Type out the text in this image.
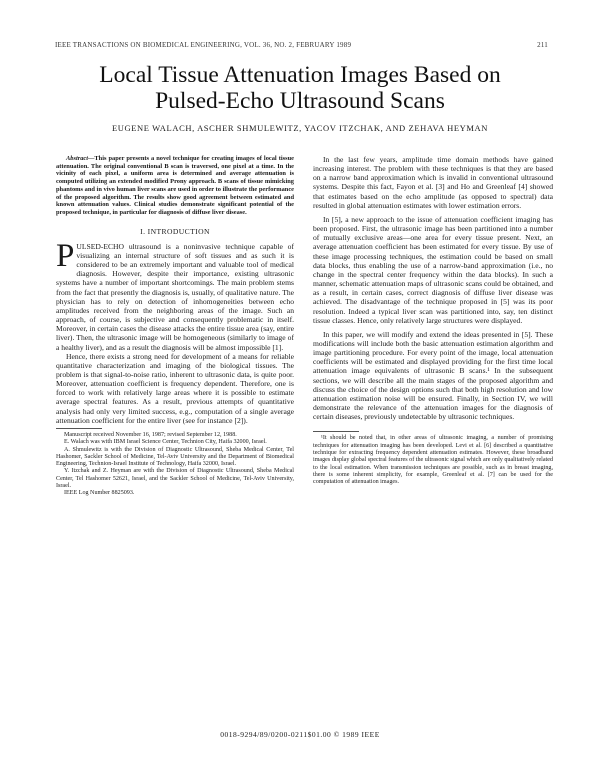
IEEE TRANSACTIONS ON BIOMEDICAL ENGINEERING, VOL. 36, NO. 2, FEBRUARY 1989	211
Local Tissue Attenuation Images Based on
Pulsed-Echo Ultrasound Scans
EUGENE WALACH, ASCHER SHMULEWITZ, YACOV ITZCHAK, AND ZEHAVA HEYMAN

Abstract—This paper presents a novel technique for creating images of local tissue attenuation. The original conventional B scan is traversed, one pixel at a time. In the vicinity of each pixel, a uniform area is determined and average attenuation is computed utilizing an extended modified Prony approach. B scans of tissue mimicking phantoms and in vivo human liver scans are used in order to illustrate the performance of the proposed algorithm. The results show good agreement between estimated and known attenuation values. Clinical studies demonstrate significant potential of the proposed technique, in particular for diagnosis of diffuse liver disease.

I. INTRODUCTION

PULSED-ECHO ultrasound is a noninvasive technique capable of visualizing an internal structure of soft tissues and as such it is considered to be an extremely important and valuable tool of medical diagnosis. However, despite their importance, existing ultrasonic systems have a number of important shortcomings. The main problem stems from the fact that presently the diagnosis is, usually, of qualitative nature. The physician has to rely on detection of inhomogeneities between echo amplitudes received from the neighboring areas of the image. Such an approach, of course, is subjective and consequently problematic in itself. Moreover, in certain cases the disease attacks the entire tissue area (say, entire liver). Then, the ultrasonic image will be homogeneous (similarly to image of a healthy liver), and as a result the diagnosis will be almost impossible [1].

Hence, there exists a strong need for development of a means for reliable quantitative characterization and imaging of the biological tissues. The problem is that signal-to-noise ratio, inherent to ultrasonic data, is quite poor. Moreover, attenuation coefficient is frequency dependent. Therefore, one is forced to work with relatively large areas where it is possible to estimate average spectral features. As a result, previous attempts of quantitative analysis had only very limited success, e.g., computation of a single average attenuation coefficient for the entire liver (see for instance [2]).

Manuscript received November 16, 1987; revised September 12, 1988.

E. Walach was with IBM Israel Science Center, Technion City, Haifa 32000, Israel.

A. Shmulewitz is with the Division of Diagnostic Ultrasound, Sheba Medical Center, Tel Hashomer, Sackler School of Medicine, Tel-Aviv University and the Department of Biomedical Engineering, Technion-Israel Institute of Technology, Haifa 32000, Israel.

Y. Itzchak and Z. Heyman are with the Division of Diagnostic Ultrasound, Sheba Medical Center, Tel Hashomer 52621, Israel, and the Sackler School of Medicine, Tel-Aviv University, Israel.

IEEE Log Number 8825093.

In the last few years, amplitude time domain methods have gained increasing interest. The problem with these techniques is that they are based on a narrow band approximation which is invalid in conventional ultrasound systems. Despite this fact, Fayon et al. [3] and Ho and Greenleaf [4] showed that estimates based on the echo amplitude (as opposed to spectral) data resulted in global attenuation estimates with lower estimation errors.

In [5], a new approach to the issue of attenuation coefficient imaging has been proposed. First, the ultrasonic image has been partitioned into a number of mutually exclusive areas—one area for every tissue present. Next, an average attenuation coefficient has been estimated for every tissue. By use of these image processing techniques, the estimation could be based on small data blocks, thus enabling the use of a narrow-band approximation (i.e., no change in the spectral center frequency within the data blocks). In such a manner, schematic attenuation maps of ultrasonic scans could be obtained, and as a result, in certain cases, correct diagnosis of diffuse liver disease was achieved. The disadvantage of the technique proposed in [5] was its poor resolution. Indeed a typical liver scan was partitioned into, say, ten distinct tissue classes. Hence, only relatively large structures were displayed.

In this paper, we will modify and extend the ideas presented in [5]. These modifications will include both the basic attenuation estimation algorithm and image partitioning procedure. For every point of the image, local attenuation coefficients will be estimated and displayed providing for the first time local attenuation image equivalents of ultrasonic B scans.¹ In the subsequent sections, we will describe all the main stages of the proposed algorithm and discuss the choice of the design options such that both high resolution and low attenuation estimation noise will be ensured. Finally, in Section IV, we will demonstrate the relevance of the attenuation images for the diagnosis of certain diseases, previously undetectable by ultrasonic techniques.

¹It should be noted that, in other areas of ultrasonic imaging, a number of promising techniques for attenuation imaging has been developed. Levi et al. [6] described a quantitative technique for extracting frequency dependent attenuation estimates. However, these broadband images display global spectral features of the ultrasonic signal which are only qualitatively related to the local estimation. When transmission techniques are possible, such as in breast imaging, there is some inherent simplicity, for example, Greenleaf et al. [7] can be used for the computation of attenuation images.

0018-9294/89/0200-0211$01.00 © 1989 IEEE
